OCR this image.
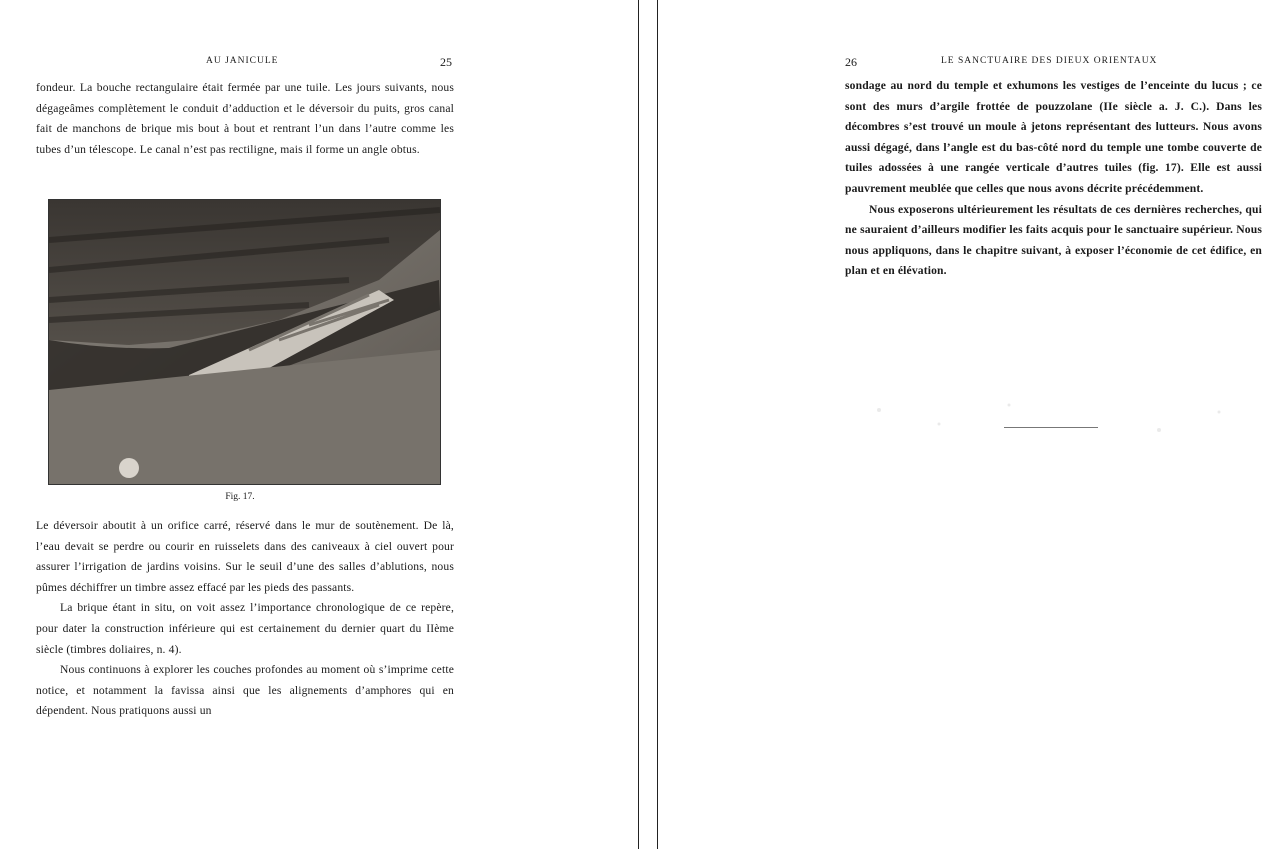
AU JANICULE	25

fondeur. La bouche rectangulaire était fermée par une tuile. Les jours suivants, nous dégageâmes complètement le conduit d’adduction et le déversoir du puits, gros canal fait de manchons de brique mis bout à bout et rentrant l’un dans l’autre comme les tubes d’un télescope. Le canal n’est pas rectiligne, mais il forme un angle obtus.

Fig. 17.

Le déversoir aboutit à un orifice carré, réservé dans le mur de soutènement. De là, l’eau devait se perdre ou courir en ruisselets dans des caniveaux à ciel ouvert pour assurer l’irrigation de jardins voisins. Sur le seuil d’une des salles d’ablutions, nous pûmes déchiffrer un timbre assez effacé par les pieds des passants.

La brique étant in situ, on voit assez l’importance chronologique de ce repère, pour dater la construction inférieure qui est certainement du dernier quart du IIème siècle (timbres doliaires, n. 4).

Nous continuons à explorer les couches profondes au moment où s’imprime cette notice, et notamment la favissa ainsi que les alignements d’amphores qui en dépendent. Nous pratiquons aussi un

26	LE SANCTUAIRE DES DIEUX ORIENTAUX

sondage au nord du temple et exhumons les vestiges de l’enceinte du lucus ; ce sont des murs d’argile frottée de pouzzolane (IIe siècle a. J. C.). Dans les décombres s’est trouvé un moule à jetons représentant des lutteurs. Nous avons aussi dégagé, dans l’angle est du bas-côté nord du temple une tombe couverte de tuiles adossées à une rangée verticale d’autres tuiles (fig. 17). Elle est aussi pauvrement meublée que celles que nous avons décrite précédemment.

Nous exposerons ultérieurement les résultats de ces dernières recherches, qui ne sauraient d’ailleurs modifier les faits acquis pour le sanctuaire supérieur. Nous nous appliquons, dans le chapitre suivant, à exposer l’économie de cet édifice, en plan et en élévation.
